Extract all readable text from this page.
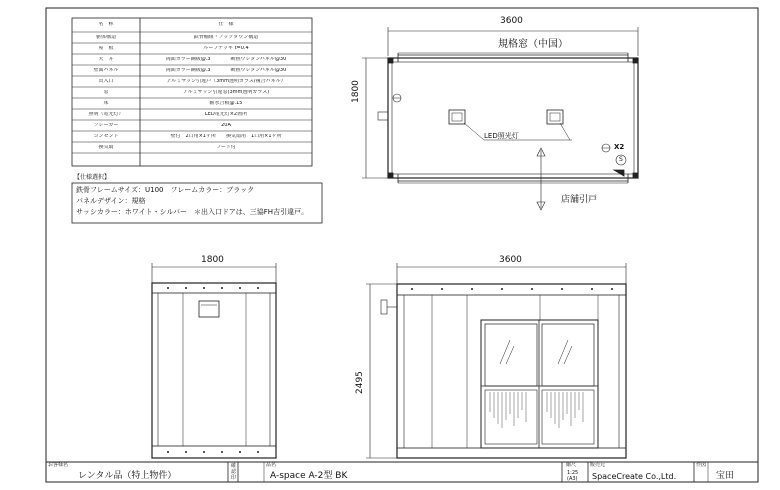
名　称	仕　様
躯体構造	鉄骨軸組・ノックダウン構造
屋　根	ルーフデッキ t=0.4
天　井	両面カラー鋼板@.3　　　　断熱ウレタンパネル@30
壁面パネル	両面カラー鋼板@.3　　　　断熱ウレタンパネル@30
出入口	アルミサッシ引違戸（3mm透明ガラス/複合パネル）
窓	アルミサッシ引違窓(3mm透明ガラス)
床	耐水合板@.15
照明（電光灯）	LED電光灯×2箇所
ブレーカー	20A
コンセント	壁付　2口用×1ヶ所　　換気扇用　1口用×1ヶ所
換気扇	フード付
【仕様選択】
鉄骨フレームサイズ：U100　フレームカラー：ブラック
パネルデザイン：規格
サッシカラー：ホワイト・シルバー　＊出入口ドアは、三協FH吉引違戸。
3600
1800
規格窓（中国）
LED照光灯
X2
S
店舗引戸
1800	3600
2495
お客様名
レンタル品（特上物件）
確認印
品名
A-space A-2型 BK
縮尺
1:25
(A3)
販売元
SpaceCreate Co.,Ltd.
作図
宝田
